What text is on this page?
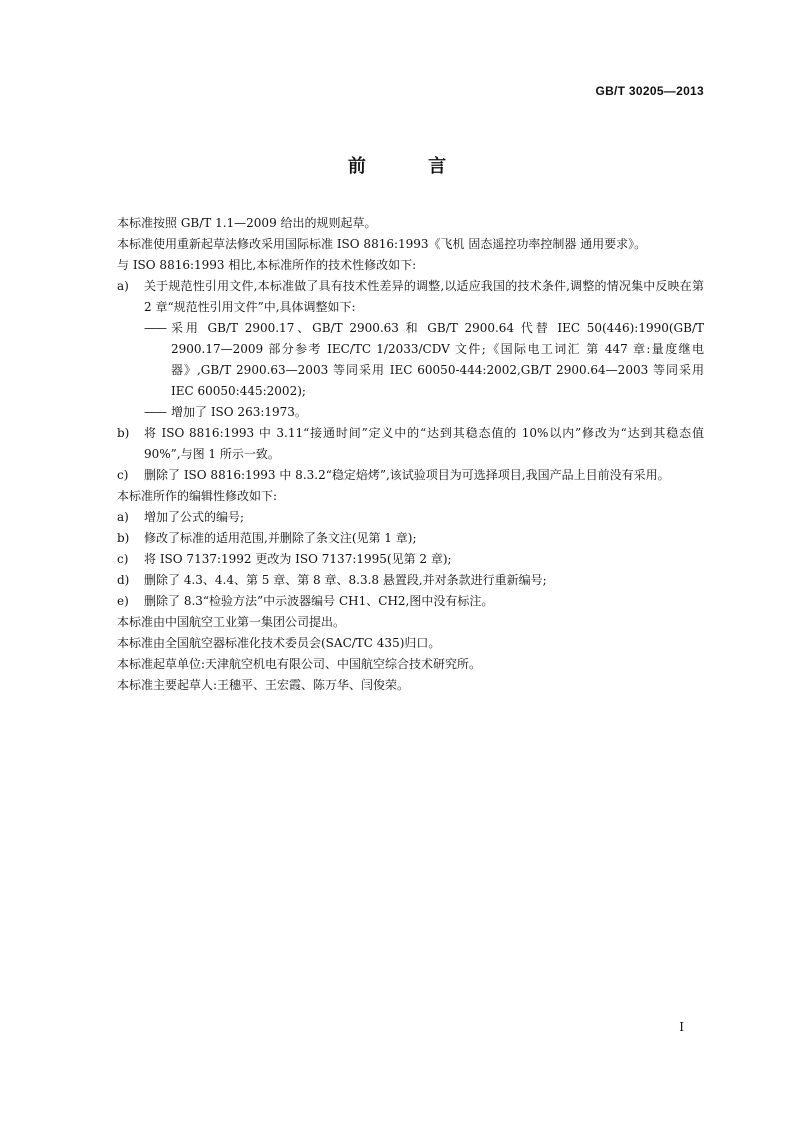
GB/T 30205—2013
前 言
本标准按照 GB/T 1.1—2009 给出的规则起草。
本标准使用重新起草法修改采用国际标准 ISO 8816:1993《飞机 固态遥控功率控制器 通用要求》。
与 ISO 8816:1993 相比,本标准所作的技术性修改如下:
a)	关于规范性引用文件,本标准做了具有技术性差异的调整,以适应我国的技术条件,调整的情况集中反映在第 2 章“规范性引用文件”中,具体调整如下:
—— 采用 GB/T 2900.17、GB/T 2900.63 和 GB/T 2900.64 代替 IEC 50(446):1990(GB/T 2900.17—2009 部分参考 IEC/TC 1/2033/CDV 文件;《国际电工词汇 第 447 章:量度继电器》,GB/T 2900.63—2003 等同采用 IEC 60050-444:2002,GB/T 2900.64—2003 等同采用 IEC 60050:445:2002);
—— 增加了 ISO 263:1973。
b)	将 ISO 8816:1993 中 3.11“接通时间”定义中的“达到其稳态值的 10%以内”修改为“达到其稳态值 90%”,与图 1 所示一致。
c)	删除了 ISO 8816:1993 中 8.3.2“稳定焙烤”,该试验项目为可选择项目,我国产品上目前没有采用。
本标准所作的编辑性修改如下:
a)	增加了公式的编号;
b)	修改了标准的适用范围,并删除了条文注(见第 1 章);
c)	将 ISO 7137:1992 更改为 ISO 7137:1995(见第 2 章);
d)	删除了 4.3、4.4、第 5 章、第 8 章、8.3.8 悬置段,并对条款进行重新编号;
e)	删除了 8.3“检验方法”中示波器编号 CH1、CH2,图中没有标注。
本标准由中国航空工业第一集团公司提出。
本标准由全国航空器标准化技术委员会(SAC/TC 435)归口。
本标准起草单位:天津航空机电有限公司、中国航空综合技术研究所。
本标准主要起草人:王穗平、王宏霞、陈万华、闫俊荣。
I
